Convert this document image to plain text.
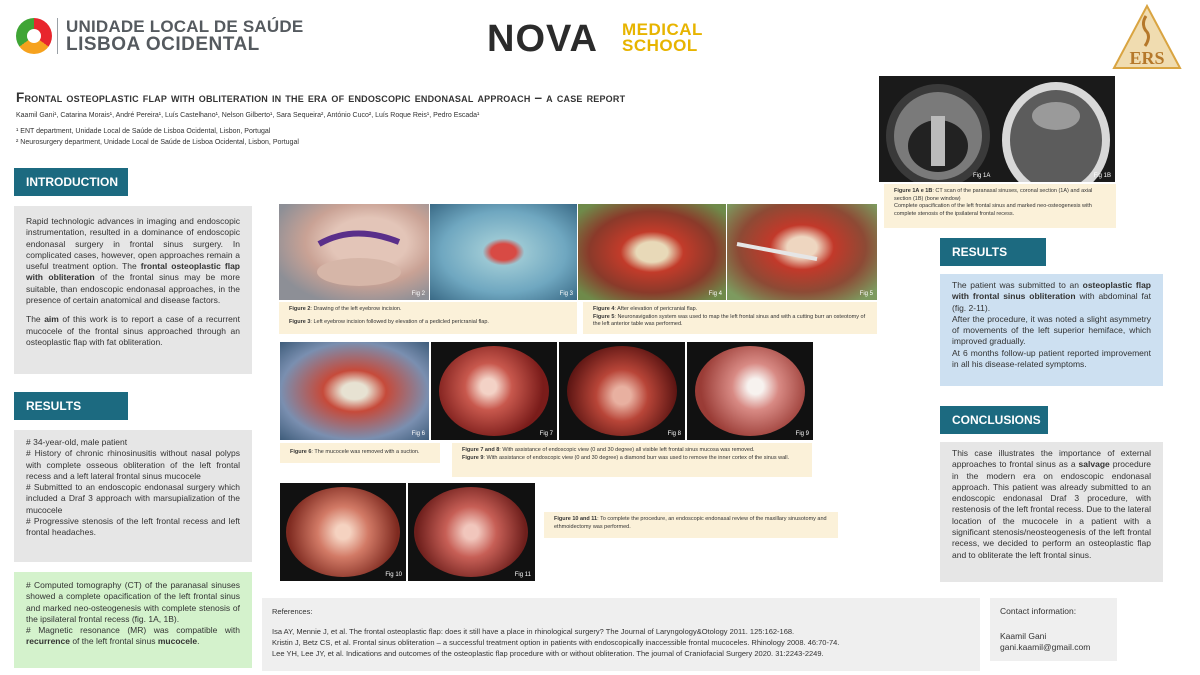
UNIDADE LOCAL DE SAÚDE
LISBOA OCIDENTAL	NOVA MEDICAL
SCHOOL
ERS
Frontal osteoplastic flap with obliteration in the era of endoscopic endonasal approach – a case report
Kaamil Gani¹, Catarina Morais¹, André Pereira¹, Luís Castelhano¹, Nelson Gilberto¹, Sara Sequeira², António Cuco², Luís Roque Reis¹, Pedro Escada¹
¹ ENT department, Unidade Local de Saúde de Lisboa Ocidental, Lisbon, Portugal
² Neurosurgery department, Unidade Local de Saúde de Lisboa Ocidental, Lisbon, Portugal
INTRODUCTION

Rapid technologic advances in imaging and endoscopic instrumentation, resulted in a dominance of endoscopic endonasal surgery in frontal sinus surgery. In complicated cases, however, open approaches remain a useful treatment option. The frontal osteoplastic flap with obliteration of the frontal sinus may be more suitable, than endoscopic endonasal approaches, in the presence of certain anatomical and disease factors.

The aim of this work is to report a case of a recurrent mucocele of the frontal sinus approached through an osteoplastic flap with fat obliteration.

RESULTS
# 34-year-old, male patient
# History of chronic rhinosinusitis without nasal polyps with complete osseous obliteration of the left frontal recess and a left lateral frontal sinus mucocele
# Submitted to an endoscopic endonasal surgery which included a Draf 3 approach with marsupialization of the mucocele
# Progressive stenosis of the left frontal recess and left frontal headaches.
# Computed tomography (CT) of the paranasal sinuses showed a complete opacification of the left frontal sinus and marked neo-osteogenesis with complete stenosis of the ipsilateral frontal recess (fig. 1A, 1B).
# Magnetic resonance (MR) was compatible with recurrence of the left frontal sinus mucocele.
Fig 2	Fig 3	Fig 4	Fig 5
Figure 2: Drawing of the left eyebrow incision.
Figure 3: Left eyebrow incision followed by elevation of a pedicled pericranial flap.
Figure 4: After elevation of pericranial flap.
Figure 5: Neuronavigation system was used to map the left frontal sinus and with a cutting burr an osteotomy of the left anterior table was performed.
Fig 6	Fig 7	Fig 8	Fig 9
Figure 6: The mucocele was removed with a suction.	Figure 7 and 8: With assistance of endoscopic view (0 and 30 degree) all visible left frontal sinus mucosa was removed.
Figure 9: With assistance of endoscopic view (0 and 30 degree) a diamond burr was used to remove the inner cortex of the sinus wall.
Fig 10	Fig 11
Figure 10 and 11: To complete the procedure, an endoscopic endonasal review of the maxillary sinusotomy and ethmoidectomy was performed.
Fig 1A	Fig 1B
Figure 1A e 1B: CT scan of the paranasal sinuses, coronal section (1A) and axial section (1B) (bone window)
Complete opacification of the left frontal sinus and marked neo-osteogenesis with complete stenosis of the ipsilateral frontal recess.
RESULTS

The patient was submitted to an osteoplastic flap with frontal sinus obliteration with abdominal fat (fig. 2-11).

After the procedure, it was noted a slight asymmetry of movements of the left superior hemiface, which improved gradually.

At 6 months follow-up patient reported improvement in all his disease-related symptoms.

CONCLUSIONS

This case illustrates the importance of external approaches to frontal sinus as a salvage procedure in the modern era on endoscopic endonasal approach. This patient was already submitted to an endoscopic endonasal Draf 3 procedure, with restenosis of the left frontal recess. Due to the lateral location of the mucocele in a patient with a significant stenosis/neosteogenesis of the left frontal recess, we decided to perform an osteoplastic flap and to obliterate the left frontal sinus.

References:
Isa AY, Mennie J, et al. The frontal osteoplastic flap: does it still have a place in rhinological surgery? The Journal of Laryngology&Otology 2011. 125:162-168.
Kristin J, Betz CS, et al. Frontal sinus obliteration – a successful treatment option in patients with endoscopically inaccessible frontal mucoceles. Rhinology 2008. 46:70-74.
Lee YH, Lee JY, et al. Indications and outcomes of the osteoplastic flap procedure with or without obliteration. The journal of Craniofacial Surgery 2020. 31:2243-2249.
Contact information:
Kaamil Gani
gani.kaamil@gmail.com
